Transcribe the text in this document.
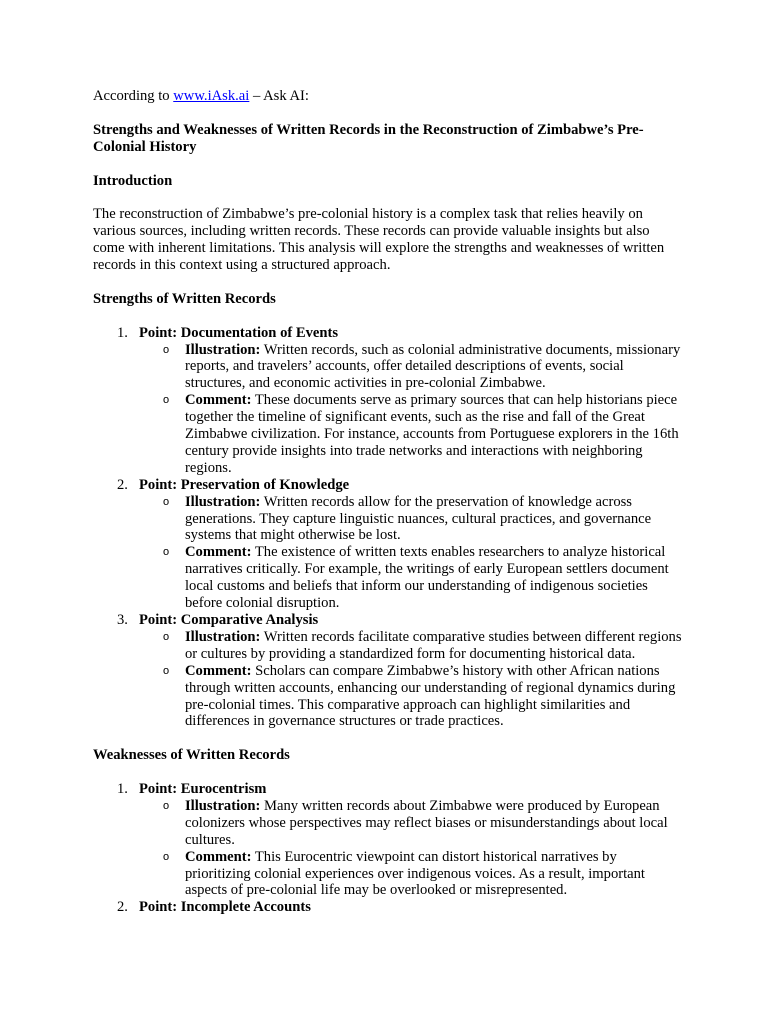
According to www.iAsk.ai – Ask AI:

Strengths and Weaknesses of Written Records in the Reconstruction of Zimbabwe’s Pre-Colonial History

Introduction

The reconstruction of Zimbabwe’s pre-colonial history is a complex task that relies heavily on various sources, including written records. These records can provide valuable insights but also come with inherent limitations. This analysis will explore the strengths and weaknesses of written records in this context using a structured approach.

Strengths of Written Records

1. Point: Documentation of Events
o Illustration: Written records, such as colonial administrative documents, missionary reports, and travelers’ accounts, offer detailed descriptions of events, social structures, and economic activities in pre-colonial Zimbabwe.
o Comment: These documents serve as primary sources that can help historians piece together the timeline of significant events, such as the rise and fall of the Great Zimbabwe civilization. For instance, accounts from Portuguese explorers in the 16th century provide insights into trade networks and interactions with neighboring regions.
2. Point: Preservation of Knowledge
o Illustration: Written records allow for the preservation of knowledge across generations. They capture linguistic nuances, cultural practices, and governance systems that might otherwise be lost.
o Comment: The existence of written texts enables researchers to analyze historical narratives critically. For example, the writings of early European settlers document local customs and beliefs that inform our understanding of indigenous societies before colonial disruption.
3. Point: Comparative Analysis
o Illustration: Written records facilitate comparative studies between different regions or cultures by providing a standardized form for documenting historical data.
o Comment: Scholars can compare Zimbabwe’s history with other African nations through written accounts, enhancing our understanding of regional dynamics during pre-colonial times. This comparative approach can highlight similarities and differences in governance structures or trade practices.

Weaknesses of Written Records

1. Point: Eurocentrism
o Illustration: Many written records about Zimbabwe were produced by European colonizers whose perspectives may reflect biases or misunderstandings about local cultures.
o Comment: This Eurocentric viewpoint can distort historical narratives by prioritizing colonial experiences over indigenous voices. As a result, important aspects of pre-colonial life may be overlooked or misrepresented.
2. Point: Incomplete Accounts
